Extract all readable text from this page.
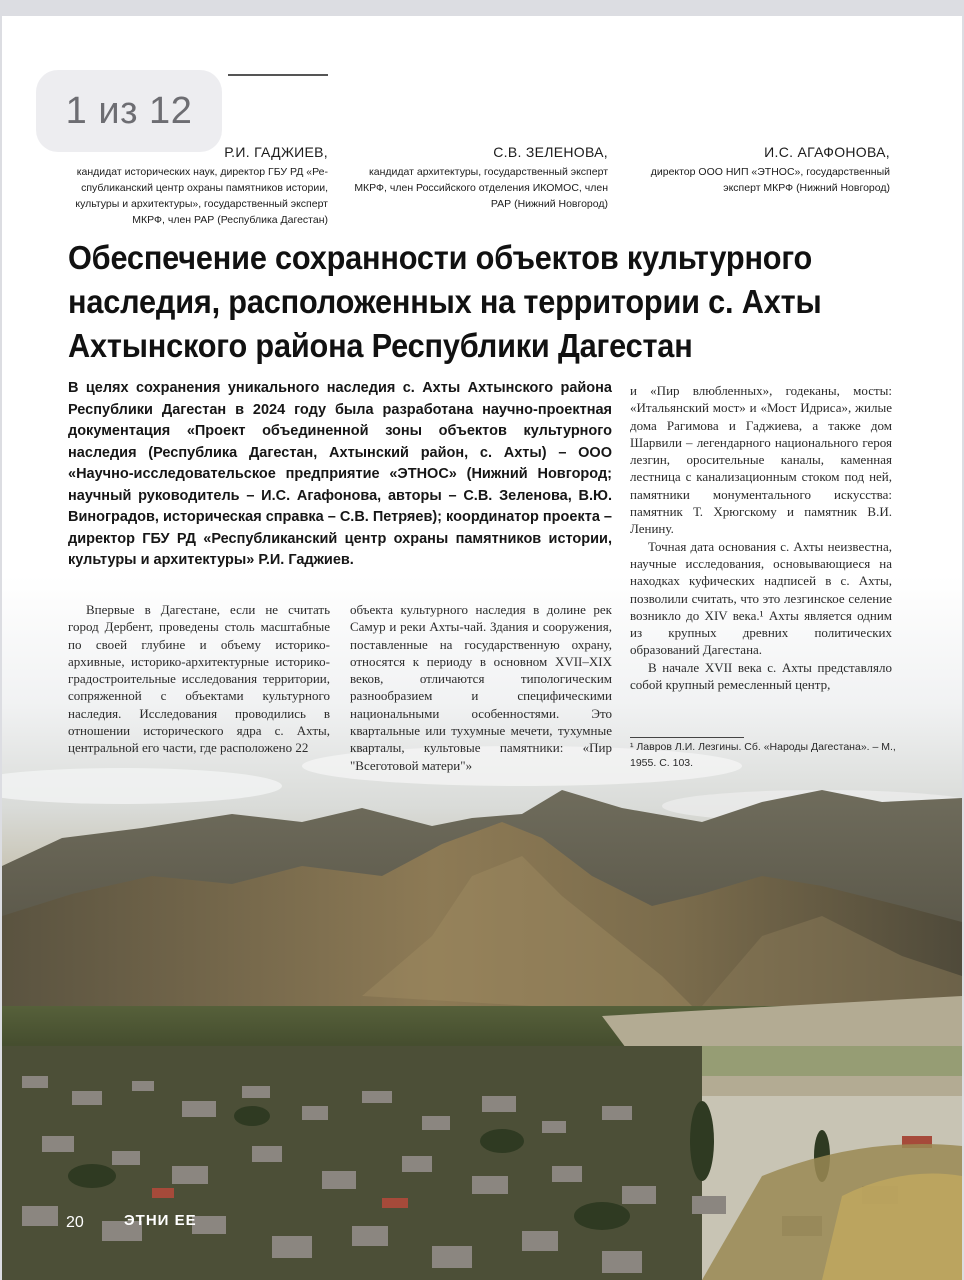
1 из 12
Р.И. ГАДЖИЕВ,
кандидат исторических наук, директор ГБУ РД «Ре- спубликанский центр охраны памятников истории, культуры и архитектуры», государственный эксперт МКРФ, член РАР (Республика Дагестан)
С.В. ЗЕЛЕНОВА,
кандидат архитектуры, государственный эксперт МКРФ, член Российского отделения ИКОМОС, член РАР (Нижний Новгород)
И.С. АГАФОНОВА,
директор ООО НИП «ЭТНОС», государственный эксперт МКРФ (Нижний Новгород)
Обеспечение сохранности объектов культурного наследия, расположенных на территории с. Ахты Ахтынского района Республики Дагестан

В целях сохранения уникального наследия с. Ахты Ахтынского района Республики Дагестан в 2024 году была разработана научно-проектная документация «Проект объединенной зоны объектов культурного наследия (Республика Дагестан, Ахтынский район, с. Ахты) – ООО «Научно-исследовательское предприятие «ЭТНОС» (Нижний Новгород; научный руководитель – И.С. Агафонова, авторы – С.В. Зеленова, В.Ю. Виноградов, историческая справка – С.В. Петряев); координатор проекта – директор ГБУ РД «Республиканский центр охраны памятников истории, культуры и архитектуры» Р.И. Гаджиев.

Впервые в Дагестане, если не считать город Дербент, проведены столь масштабные по своей глубине и объему историко-архивные, историко-архитектурные историко-градостроительные исследования территории, сопряженной с объектами культурного наследия. Исследования проводились в отношении исторического ядра с. Ахты, центральной его части, где расположено 22

объекта культурного наследия в долине рек Самур и реки Ахты-чай. Здания и сооружения, поставленные на государственную охрану, относятся к периоду в основном XVII–XIX веков, отличаются типологическим разнообразием и специфическими национальными особенностями. Это квартальные или тухумные мечети, тухумные кварталы, культовые памятники: «Пир "Всеготовой матери"»

и «Пир влюбленных», годеканы, мосты: «Итальянский мост» и «Мост Идриса», жилые дома Рагимова и Гаджиева, а также дом Шарвили – легендарного национального героя лезгин, оросительные каналы, каменная лестница с канализационным стоком под ней, памятники монументального искусства: памятник Т. Хрюгскому и памятник В.И. Ленину.

Точная дата основания с. Ахты неизвестна, научные исследования, основывающиеся на находках куфических надписей в с. Ахты, позволили считать, что это лезгинское селение возникло до XIV века.¹ Ахты является одним из крупных древних политических образований Дагестана.

В начале XVII века с. Ахты представляло собой крупный ремесленный центр,

¹ Лавров Л.И. Лезгины. Сб. «Народы Дагестана». – М., 1955. С. 103.
20	ЭТНИ ЕЕ
